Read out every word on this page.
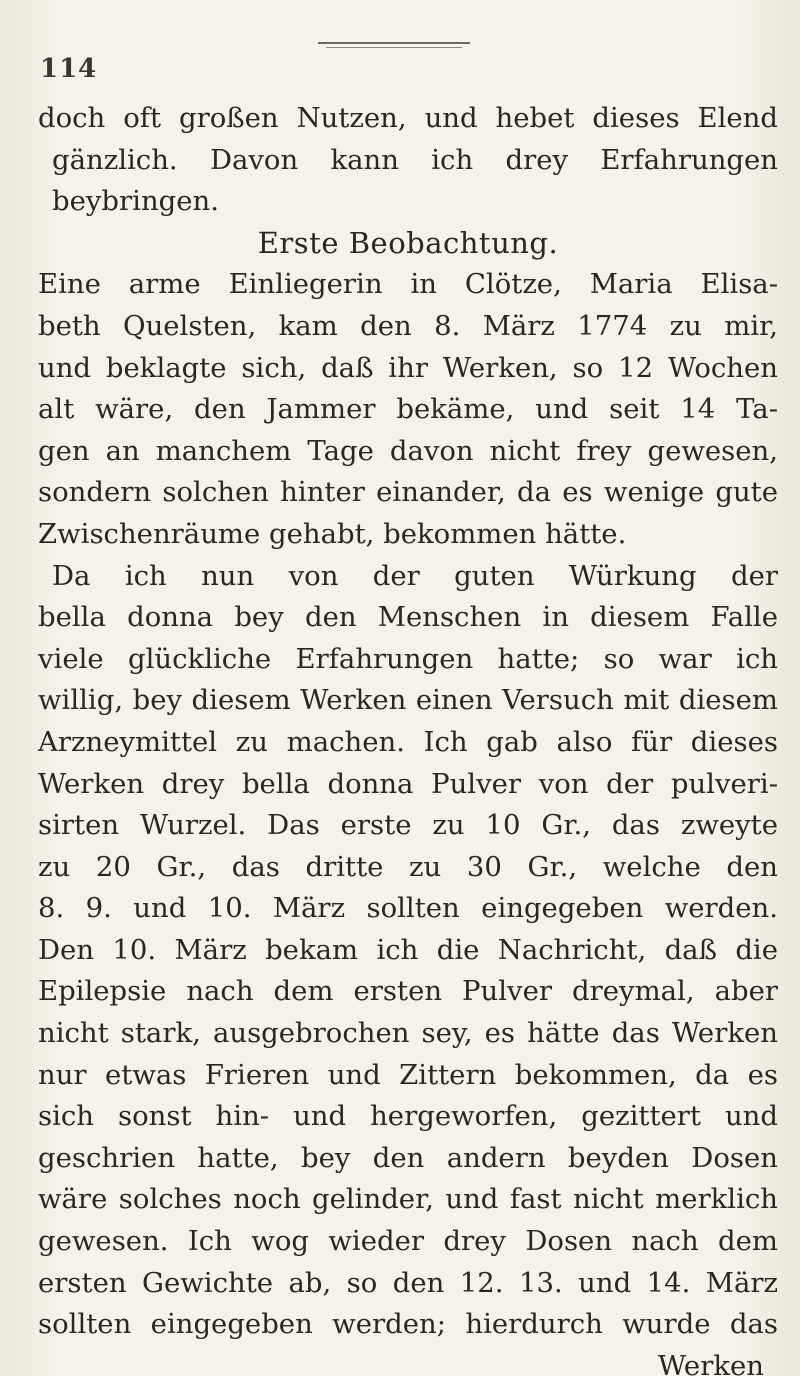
114
doch oft großen Nutzen, und hebet dieses Elend
gänzlich. Davon kann ich drey Erfahrungen
beybringen.
Erste Beobachtung.
Eine arme Einliegerin in Clötze, Maria Elisa-
beth Quelsten, kam den 8. März 1774 zu mir,
und beklagte sich, daß ihr Werken, so 12 Wochen
alt wäre, den Jammer bekäme, und seit 14 Ta-
gen an manchem Tage davon nicht frey gewesen,
sondern solchen hinter einander, da es wenige gute
Zwischenräume gehabt, bekommen hätte.
Da ich nun von der guten Würkung der
bella donna bey den Menschen in diesem Falle
viele glückliche Erfahrungen hatte; so war ich
willig, bey diesem Werken einen Versuch mit diesem
Arzneymittel zu machen. Ich gab also für dieses
Werken drey bella donna Pulver von der pulveri-
sirten Wurzel. Das erste zu 10 Gr., das zweyte
zu 20 Gr., das dritte zu 30 Gr., welche den
8. 9. und 10. März sollten eingegeben werden.
Den 10. März bekam ich die Nachricht, daß die
Epilepsie nach dem ersten Pulver dreymal, aber
nicht stark, ausgebrochen sey, es hätte das Werken
nur etwas Frieren und Zittern bekommen, da es
sich sonst hin- und hergeworfen, gezittert und
geschrien hatte, bey den andern beyden Dosen
wäre solches noch gelinder, und fast nicht merklich
gewesen. Ich wog wieder drey Dosen nach dem
ersten Gewichte ab, so den 12. 13. und 14. März
sollten eingegeben werden; hierdurch wurde das
Werken
